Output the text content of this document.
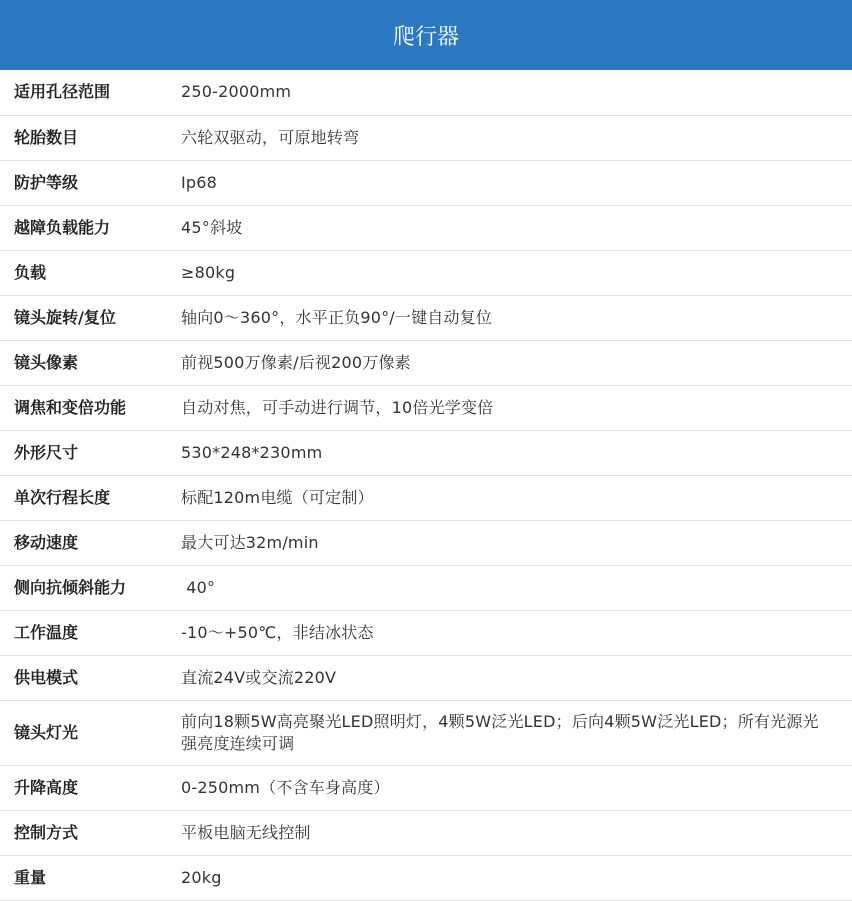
爬行器
适用孔径范围	250-2000mm
轮胎数目	六轮双驱动，可原地转弯
防护等级	Ip68
越障负载能力	45°斜坡
负载	≥80kg
镜头旋转/复位	轴向0～360°，水平正负90°/一键自动复位
镜头像素	前视500万像素/后视200万像素
调焦和变倍功能	自动对焦，可手动进行调节，10倍光学变倍
外形尺寸	530*248*230mm
单次行程长度	标配120m电缆（可定制）
移动速度	最大可达32m/min
侧向抗倾斜能力	40°
工作温度	-10～+50℃，非结冰状态
供电模式	直流24V或交流220V
镜头灯光	前向18颗5W高亮聚光LED照明灯，4颗5W泛光LED；后向4颗5W泛光LED；所有光源光强亮度连续可调
升降高度	0-250mm（不含车身高度）
控制方式	平板电脑无线控制
重量	20kg
